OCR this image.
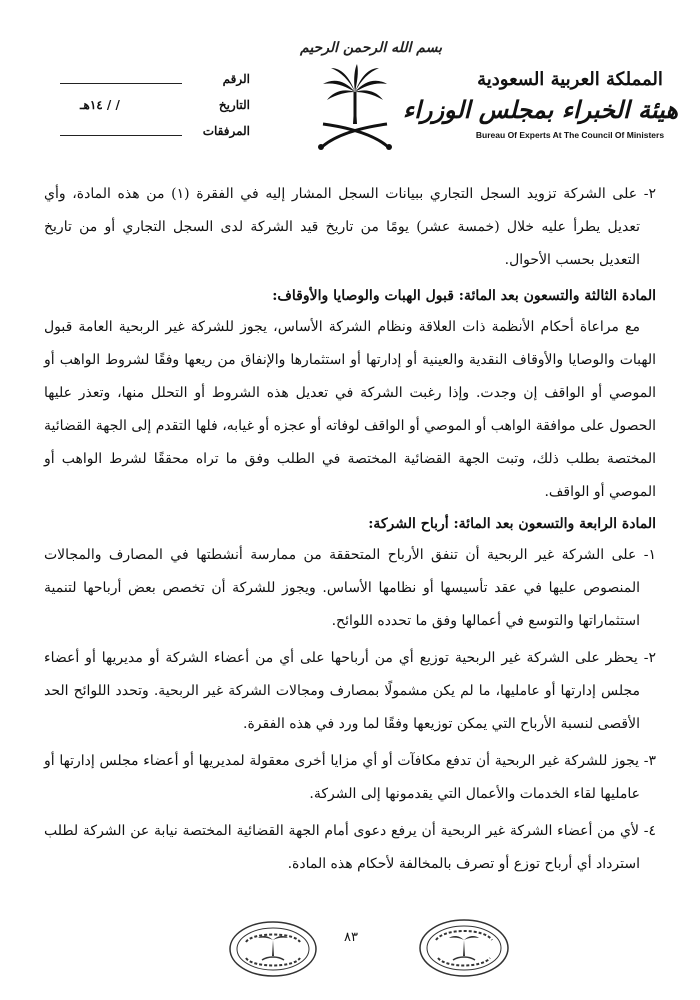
بسم الله الرحمن الرحيم
المملكة العربية السعودية
هيئة الخبراء بمجلس الوزراء
Bureau Of Experts At The Council Of Ministers
الرقم
التاريخ
/ / ١٤هـ
المرفقات

٢- على الشركة تزويد السجل التجاري ببيانات السجل المشار إليه في الفقرة (١) من هذه المادة، وأي تعديل يطرأ عليه خلال (خمسة عشر) يومًا من تاريخ قيد الشركة لدى السجل التجاري أو من تاريخ التعديل بحسب الأحوال.

المادة الثالثة والتسعون بعد المائة: قبول الهبات والوصايا والأوقاف:

مع مراعاة أحكام الأنظمة ذات العلاقة ونظام الشركة الأساس، يجوز للشركة غير الربحية العامة قبول الهبات والوصايا والأوقاف النقدية والعينية أو إدارتها أو استثمارها والإنفاق من ريعها وفقًا لشروط الواهب أو الموصي أو الواقف إن وجدت. وإذا رغبت الشركة في تعديل هذه الشروط أو التحلل منها، وتعذر عليها الحصول على موافقة الواهب أو الموصي أو الواقف لوفاته أو عجزه أو غيابه، فلها التقدم إلى الجهة القضائية المختصة بطلب ذلك، وتبت الجهة القضائية المختصة في الطلب وفق ما تراه محققًا لشرط الواهب أو الموصي أو الواقف.

المادة الرابعة والتسعون بعد المائة: أرباح الشركة:

١- على الشركة غير الربحية أن تنفق الأرباح المتحققة من ممارسة أنشطتها في المصارف والمجالات المنصوص عليها في عقد تأسيسها أو نظامها الأساس. ويجوز للشركة أن تخصص بعض أرباحها لتنمية استثماراتها والتوسع في أعمالها وفق ما تحدده اللوائح.

٢- يحظر على الشركة غير الربحية توزيع أي من أرباحها على أي من أعضاء الشركة أو مديريها أو أعضاء مجلس إدارتها أو عامليها، ما لم يكن مشمولًا بمصارف ومجالات الشركة غير الربحية. وتحدد اللوائح الحد الأقصى لنسبة الأرباح التي يمكن توزيعها وفقًا لما ورد في هذه الفقرة.

٣- يجوز للشركة غير الربحية أن تدفع مكافآت أو أي مزايا أخرى معقولة لمديريها أو أعضاء مجلس إدارتها أو عامليها لقاء الخدمات والأعمال التي يقدمونها إلى الشركة.

٤- لأي من أعضاء الشركة غير الربحية أن يرفع دعوى أمام الجهة القضائية المختصة نيابة عن الشركة لطلب استرداد أي أرباح توزع أو تصرف بالمخالفة لأحكام هذه المادة.

٨٣
